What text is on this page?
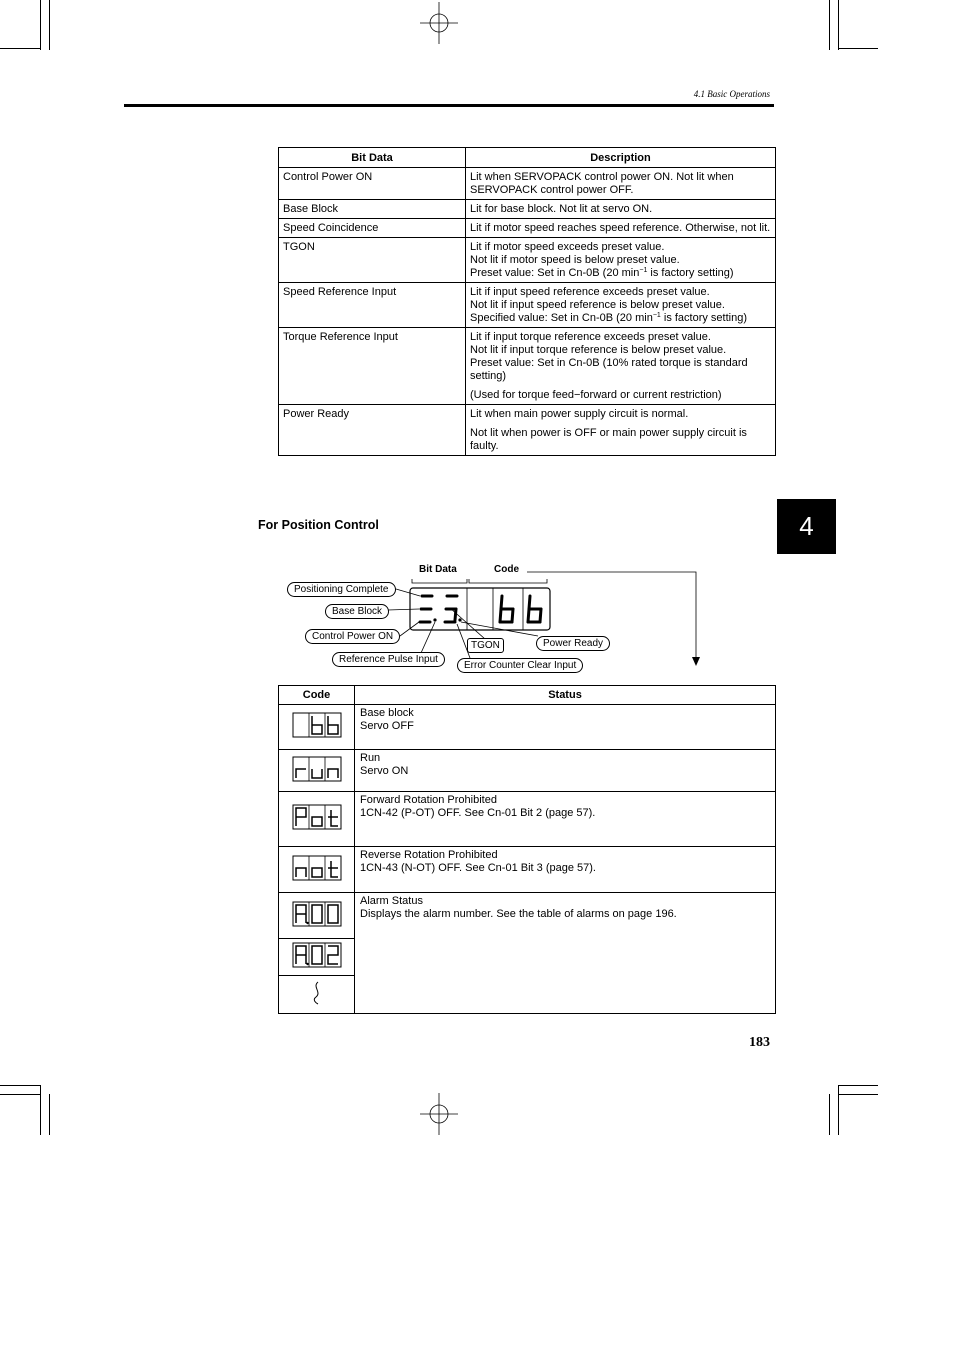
4.1 Basic Operations
4
Bit Data	Description
Control Power ON	Lit when SERVOPACK control power ON. Not lit when SERVOPACK control power OFF.
Base Block	Lit for base block. Not lit at servo ON.
Speed Coincidence	Lit if motor speed reaches speed reference. Otherwise, not lit.
TGON	Lit if motor speed exceeds preset value.
Not lit if motor speed is below preset value.
Preset value: Set in Cn-0B (20 $\min^{-1}$ is factory setting)

Speed Reference Input	Lit if input speed reference exceeds preset value.
Not lit if input speed reference is below preset value.
Specified value: Set in Cn-0B (20 $\min^{-1}$ is factory setting)

Torque Reference Input	Lit if input torque reference exceeds preset value.
Not lit if input torque reference is below preset value.
Preset value: Set in Cn-0B (10% rated torque is standard setting)
(Used for torque feed−forward or current restriction)

Power Ready	Lit when main power supply circuit is normal.
Not lit when power is OFF or main power supply circuit is faulty.
For Position Control
Bit Data	Code
Positioning Complete
Base Block
Control Power ON
Reference Pulse Input
TGON	Power Ready
Error Counter Clear Input
Code	Status

Base block
Servo OFF

Run
Servo ON

Forward Rotation Prohibited
1CN-42 (P-OT) OFF. See Cn-01 Bit 2 (page 57).

Reverse Rotation Prohibited
1CN-43 (N-OT) OFF. See Cn-01 Bit 3 (page 57).

Alarm Status
Displays the alarm number. See the table of alarms on page 196.

183
